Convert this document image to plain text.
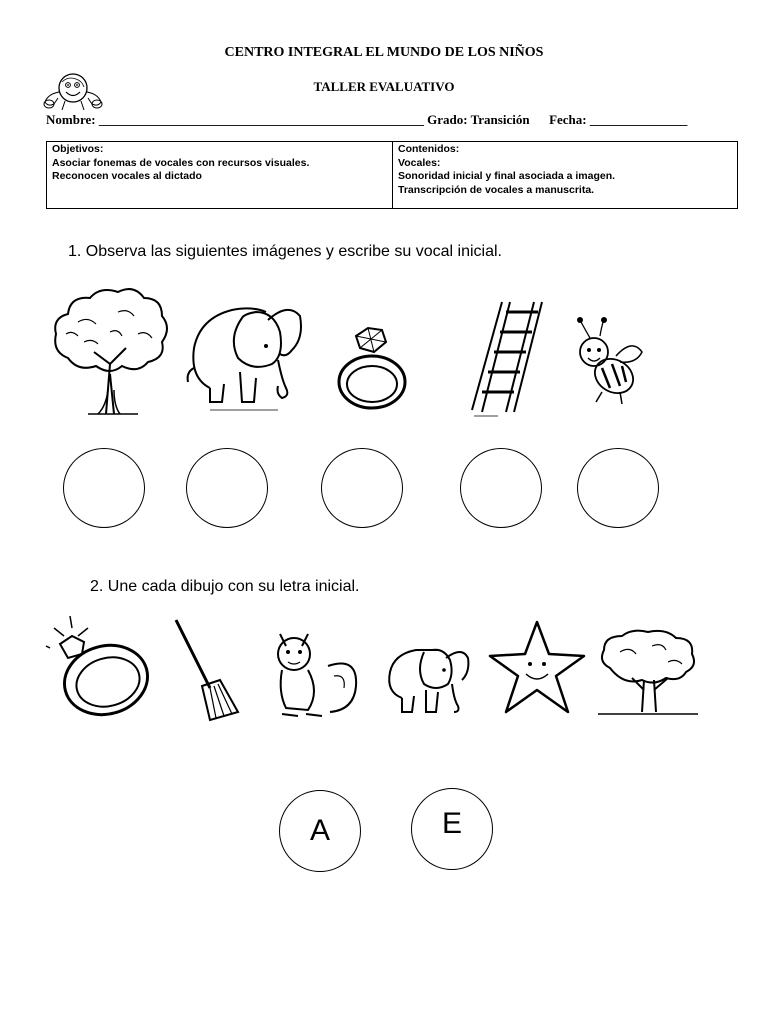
CENTRO INTEGRAL EL MUNDO DE LOS NIÑOS
TALLER EVALUATIVO
Nombre: __________________________________________________ Grado: Transición Fecha: _______________
Objetivos:
Asociar fonemas de vocales con recursos visuales.
Reconocen vocales al dictado
Contenidos:
Vocales:
Sonoridad inicial y final asociada a imagen.
Transcripción de vocales a manuscrita.
1. Observa las siguientes imágenes y escribe su vocal inicial.
2. Une cada dibujo con su letra inicial.
A	E
